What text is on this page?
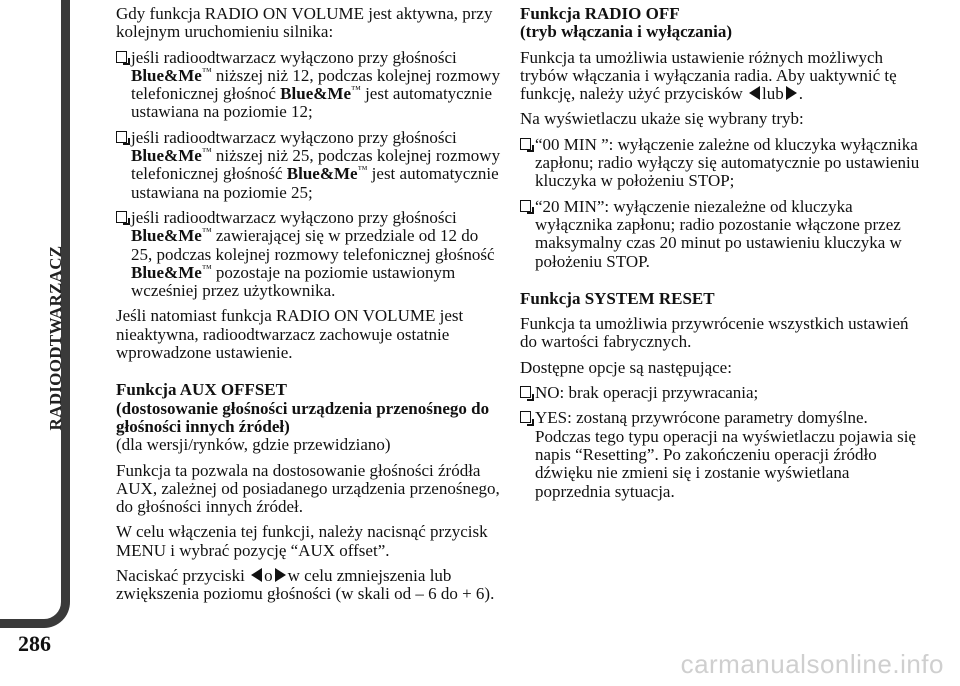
RADIOODTWARZACZ
286

Gdy funkcja RADIO ON VOLUME jest aktywna, przy kolejnym uruchomieniu silnika:

jeśli radioodtwarzacz wyłączono przy głośności Blue&Me™ niższej niż 12, podczas kolejnej rozmowy telefonicznej głośnoć Blue&Me™ jest automatycznie ustawiana na poziomie 12;
jeśli radioodtwarzacz wyłączono przy głośności Blue&Me™ niższej niż 25, podczas kolejnej rozmowy telefonicznej głośność Blue&Me™ jest automatycznie ustawiana na poziomie 25;
jeśli radioodtwarzacz wyłączono przy głośności Blue&Me™ zawierającej się w przedziale od 12 do 25, podczas kolejnej rozmowy telefonicznej głośność Blue&Me™ pozostaje na poziomie ustawionym wcześniej przez użytkownika.

Jeśli natomiast funkcja RADIO ON VOLUME jest nieaktywna, radioodtwarzacz zachowuje ostatnie wprowadzone ustawienie.

Funkcja AUX OFFSET

(dostosowanie głośności urządzenia przenośnego do głośności innych źródeł)

(dla wersji/rynków, gdzie przewidziano)

Funkcja ta pozwala na dostosowanie głośności źródła AUX, zależnej od posiadanego urządzenia przenośnego, do głośności innych źródeł.

W celu włączenia tej funkcji, należy nacisnąć przycisk MENU i wybrać pozycję “AUX offset”.

Naciskać przyciski o w celu zmniejszenia lub zwiększenia poziomu głośności (w skali od – 6 do + 6).

Funkcja RADIO OFF

(tryb włączania i wyłączania)

Funkcja ta umożliwia ustawienie różnych możliwych trybów włączania i wyłączania radia. Aby uaktywnić tę funkcję, należy użyć przycisków lub .

Na wyświetlaczu ukaże się wybrany tryb:

“00 MIN ”: wyłączenie zależne od kluczyka wyłącznika zapłonu; radio wyłączy się automatycznie po ustawieniu kluczyka w położeniu STOP;
“20 MIN”: wyłączenie niezależne od kluczyka wyłącznika zapłonu; radio pozostanie włączone przez maksymalny czas 20 minut po ustawieniu kluczyka w położeniu STOP.

Funkcja SYSTEM RESET

Funkcja ta umożliwia przywrócenie wszystkich ustawień do wartości fabrycznych.

Dostępne opcje są następujące:

NO: brak operacji przywracania;
YES: zostaną przywrócone parametry domyślne. Podczas tego typu operacji na wyświetlaczu pojawia się napis “Resetting”. Po zakończeniu operacji źródło dźwięku nie zmieni się i zostanie wyświetlana poprzednia sytuacja.
carmanualsonline.info
